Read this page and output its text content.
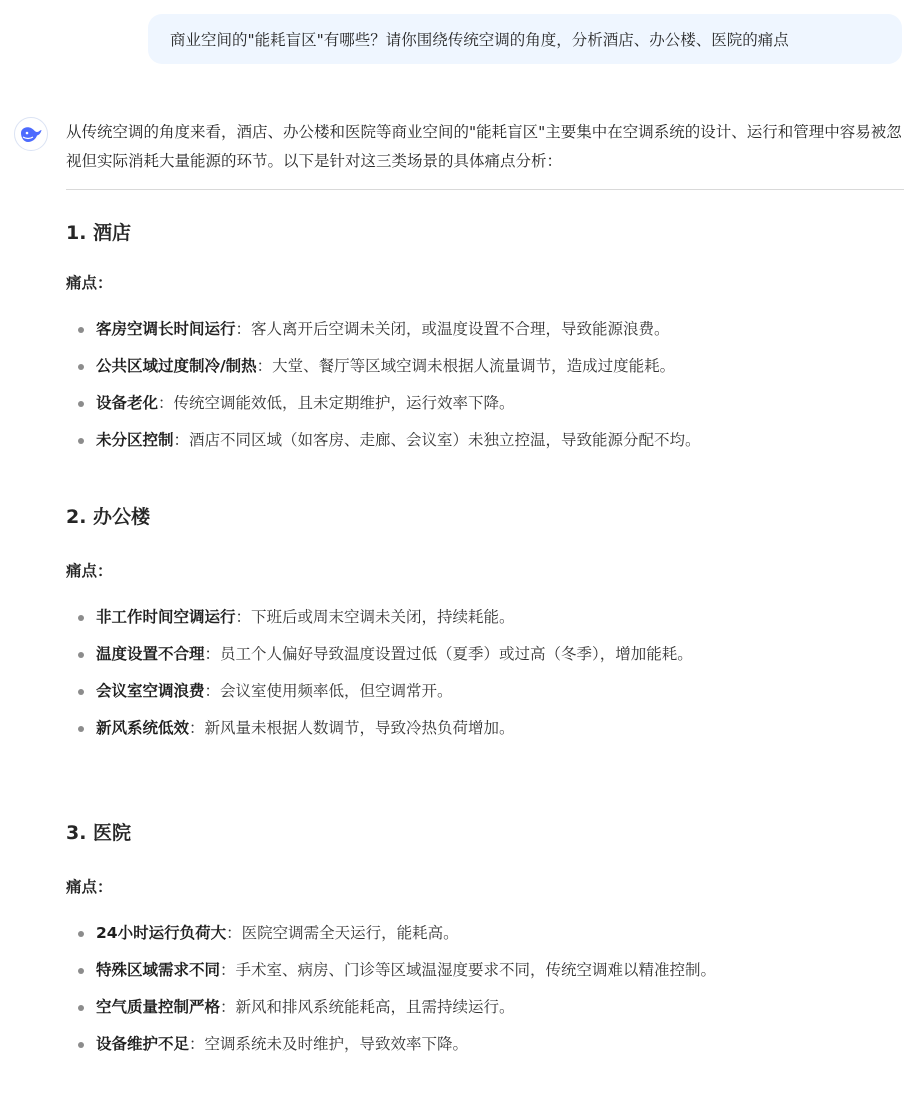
商业空间的"能耗盲区"有哪些？请你围绕传统空调的角度，分析酒店、办公楼、医院的痛点

从传统空调的角度来看，酒店、办公楼和医院等商业空间的"能耗盲区"主要集中在空调系统的设计、运行和管理中容易被忽视但实际消耗大量能源的环节。以下是针对这三类场景的具体痛点分析：

1. 酒店

痛点：

客房空调长时间运行：客人离开后空调未关闭，或温度设置不合理，导致能源浪费。
公共区域过度制冷/制热：大堂、餐厅等区域空调未根据人流量调节，造成过度能耗。
设备老化：传统空调能效低，且未定期维护，运行效率下降。
未分区控制：酒店不同区域（如客房、走廊、会议室）未独立控温，导致能源分配不均。
2. 办公楼

痛点：

非工作时间空调运行：下班后或周末空调未关闭，持续耗能。
温度设置不合理：员工个人偏好导致温度设置过低（夏季）或过高（冬季），增加能耗。
会议室空调浪费：会议室使用频率低，但空调常开。
新风系统低效：新风量未根据人数调节，导致冷热负荷增加。
3. 医院

痛点：

24小时运行负荷大：医院空调需全天运行，能耗高。
特殊区域需求不同：手术室、病房、门诊等区域温湿度要求不同，传统空调难以精准控制。
空气质量控制严格：新风和排风系统能耗高，且需持续运行。
设备维护不足：空调系统未及时维护，导致效率下降。
